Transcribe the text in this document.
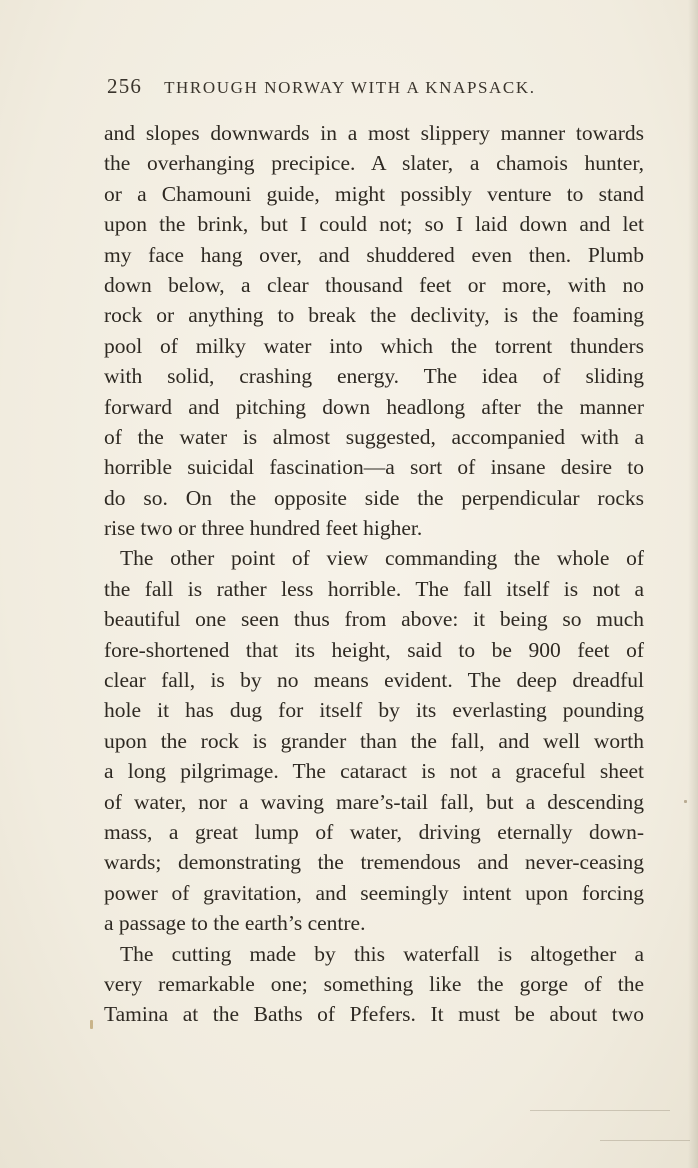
256 THROUGH NORWAY WITH A KNAPSACK.
and slopes downwards in a most slippery manner towards
the overhanging precipice. A slater, a chamois hunter,
or a Chamouni guide, might possibly venture to stand
upon the brink, but I could not; so I laid down and let
my face hang over, and shuddered even then. Plumb
down below, a clear thousand feet or more, with no
rock or anything to break the declivity, is the foaming
pool of milky water into which the torrent thunders
with solid, crashing energy. The idea of sliding
forward and pitching down headlong after the manner
of the water is almost suggested, accompanied with a
horrible suicidal fascination—a sort of insane desire to
do so. On the opposite side the perpendicular rocks
rise two or three hundred feet higher.
The other point of view commanding the whole of
the fall is rather less horrible. The fall itself is not a
beautiful one seen thus from above: it being so much
fore-shortened that its height, said to be 900 feet of
clear fall, is by no means evident. The deep dreadful
hole it has dug for itself by its everlasting pounding
upon the rock is grander than the fall, and well worth
a long pilgrimage. The cataract is not a graceful sheet
of water, nor a waving mare’s-tail fall, but a descending
mass, a great lump of water, driving eternally down-
wards; demonstrating the tremendous and never-ceasing
power of gravitation, and seemingly intent upon forcing
a passage to the earth’s centre.
The cutting made by this waterfall is altogether a
very remarkable one; something like the gorge of the
Tamina at the Baths of Pfefers. It must be about two
